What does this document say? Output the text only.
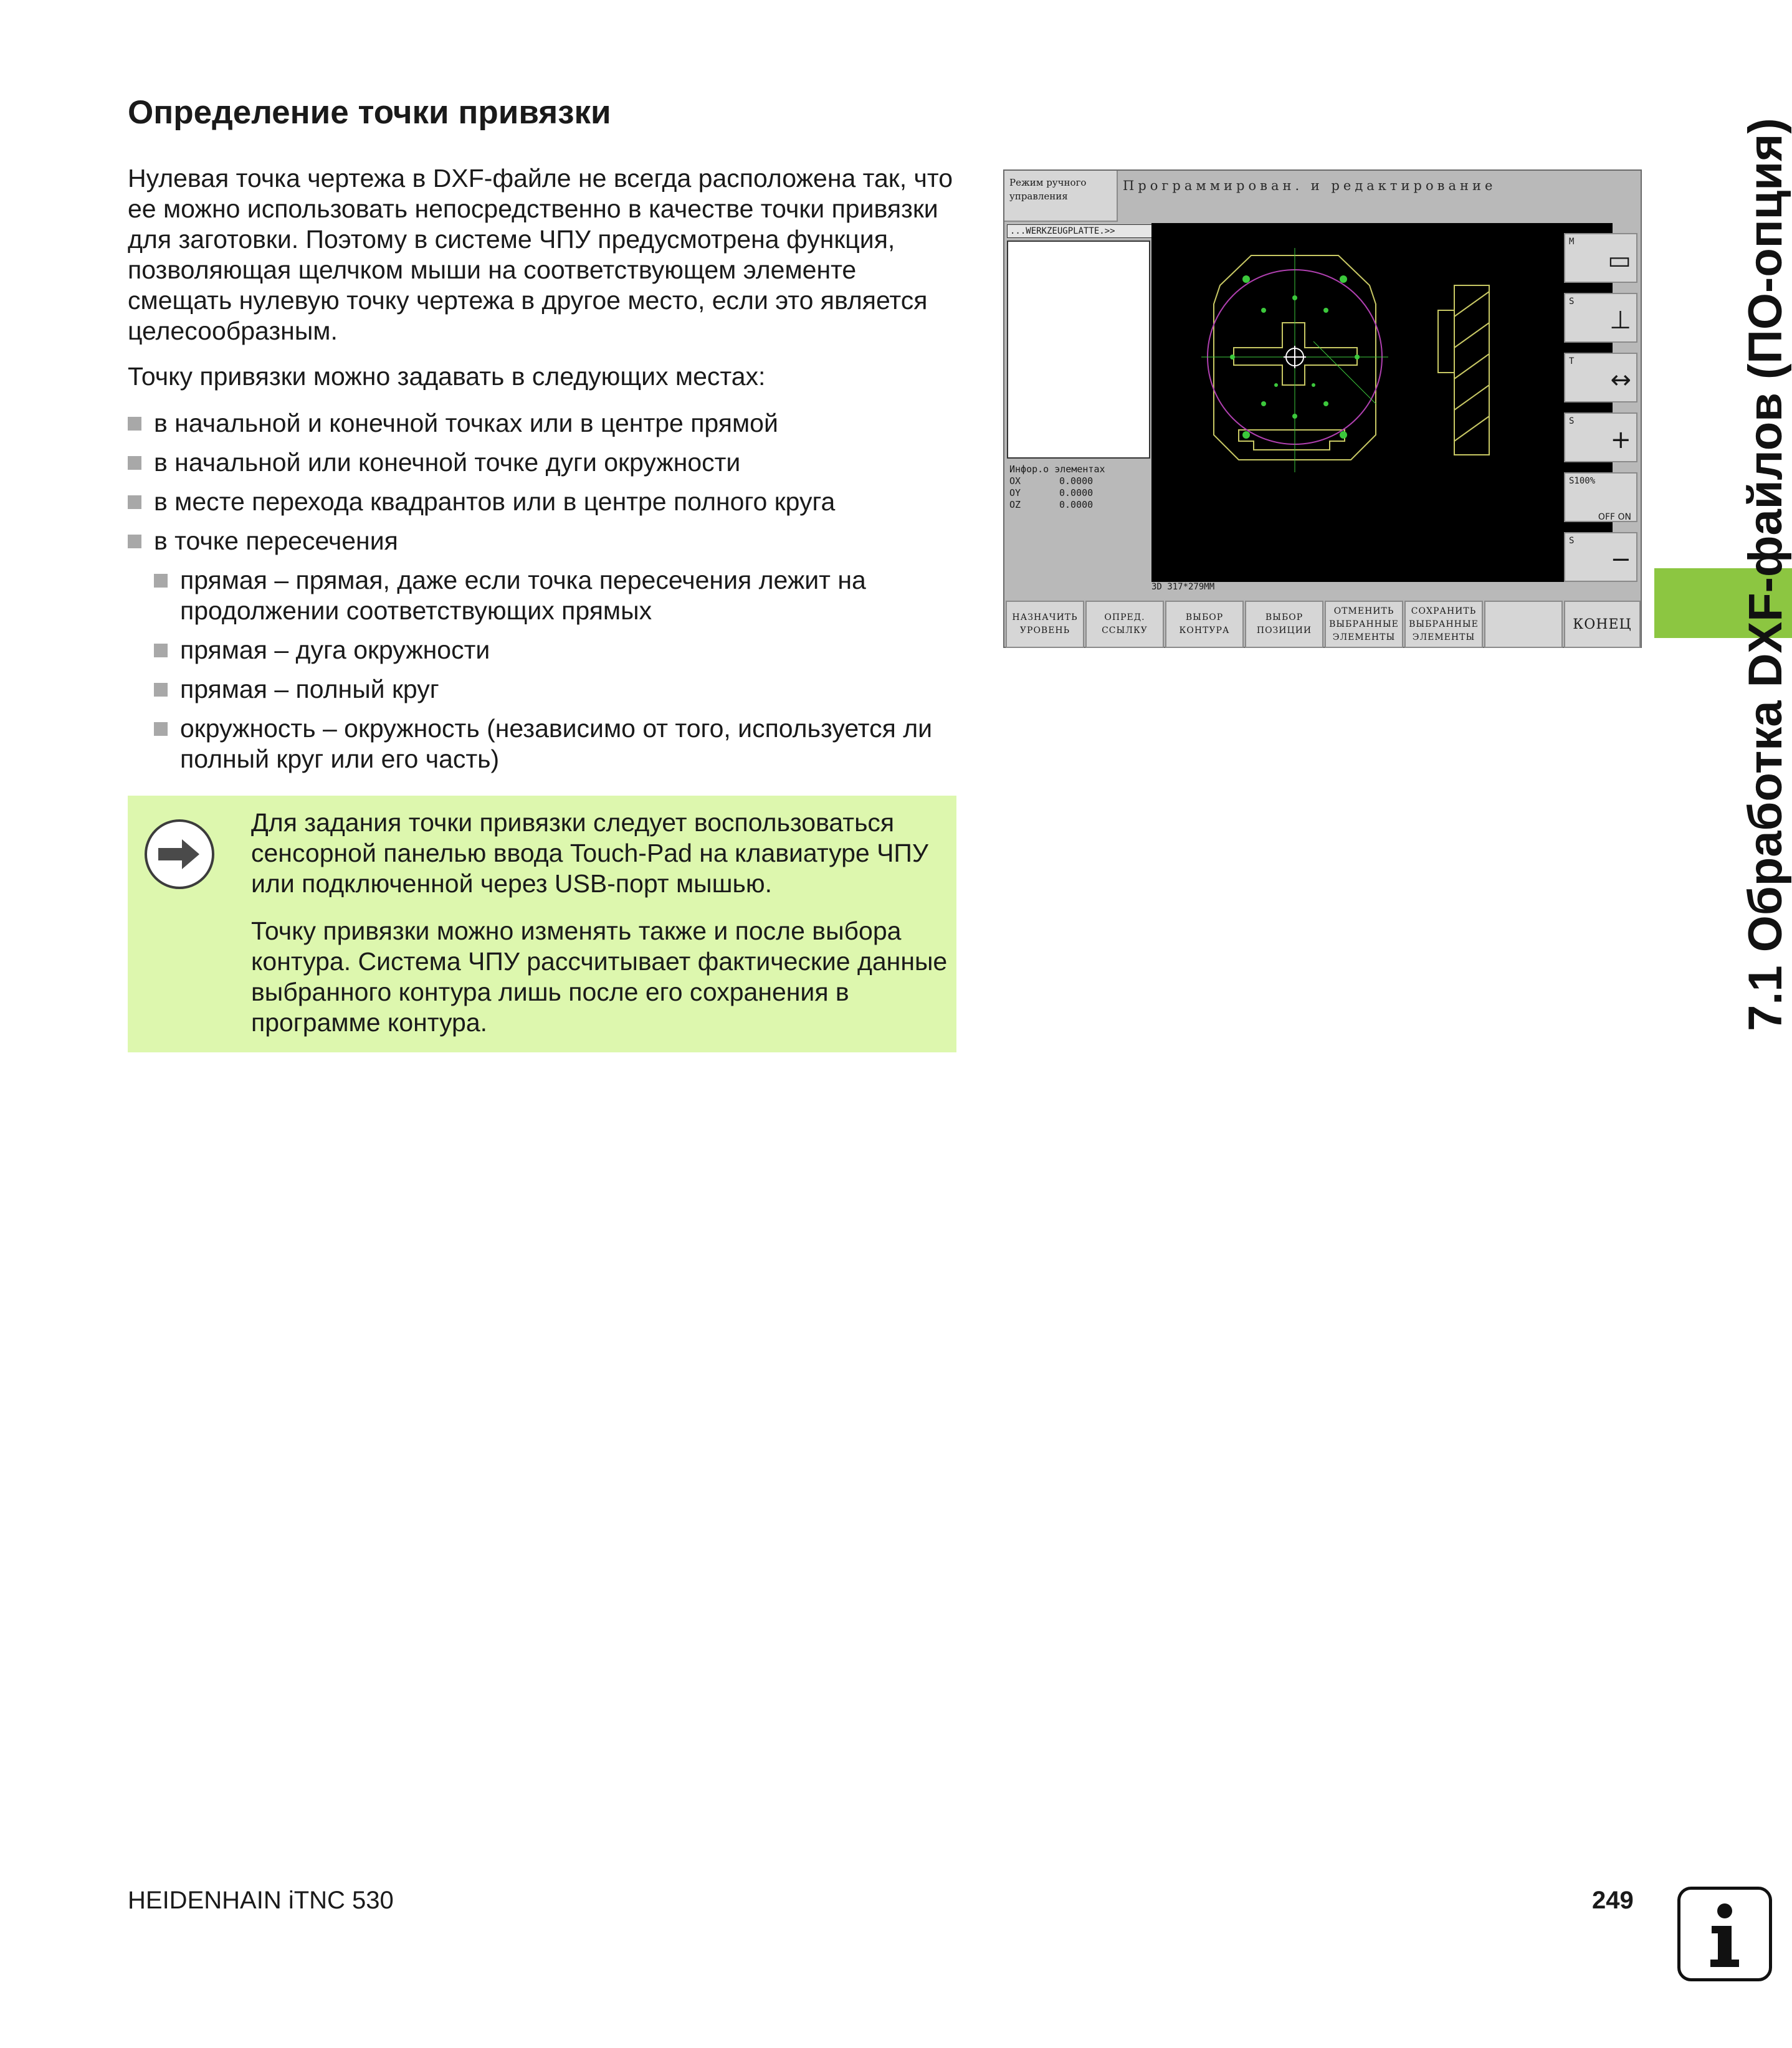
Определение точки привязки

Нулевая точка чертежа в DXF-файле не всегда расположена так, что ее можно использовать непосредственно в качестве точки привязки для заготовки. Поэтому в системе ЧПУ предусмотрена функция, позволяющая щелчком мыши на соответствующем элементе смещать нулевую точку чертежа в другое место, если это является целесообразным.

Точку привязки можно задавать в следующих местах:

в начальной и конечной точках или в центре прямой
в начальной или конечной точке дуги окружности
в месте перехода квадрантов или в центре полного круга
в точке пересечения
прямая – прямая, даже если точка пересечения лежит на продолжении соответствующих прямых
прямая – дуга окружности
прямая – полный круг
окружность – окружность (независимо от того, используется ли полный круг или его часть)

Для задания точки привязки следует воспользоваться сенсорной панелью ввода Touch-Pad на клавиатуре ЧПУ или подключенной через USB-порт мышью.

Точку привязки можно изменять также и после выбора контура. Система ЧПУ рассчитывает фактические данные выбранного контура лишь после его сохранения в программе контура.

Режим ручного
управления
Программирован. и редактирование
...WERKZEUGPLATTE.>>
Инфор.о элементах
OX	0.0000
OY	0.0000
OZ	0.0000
3D 317*279MM
M
▭
S
⊥
T
↔
S
+
S100%
OFF ON
S
−
НАЗНАЧИТЬ
УРОВЕНЬ
ОПРЕД.
ССЫЛКУ
ВЫБОР
КОНТУРА
ВЫБОР
ПОЗИЦИИ
ОТМЕНИТЬ
ВЫБРАННЫЕ
ЭЛЕМЕНТЫ
СОХРАНИТЬ
ВЫБРАННЫЕ
ЭЛЕМЕНТЫ
КОНЕЦ 7.1 Обработка DXF-файлов (ПО-опция)
HEIDENHAIN iTNC 530	249
